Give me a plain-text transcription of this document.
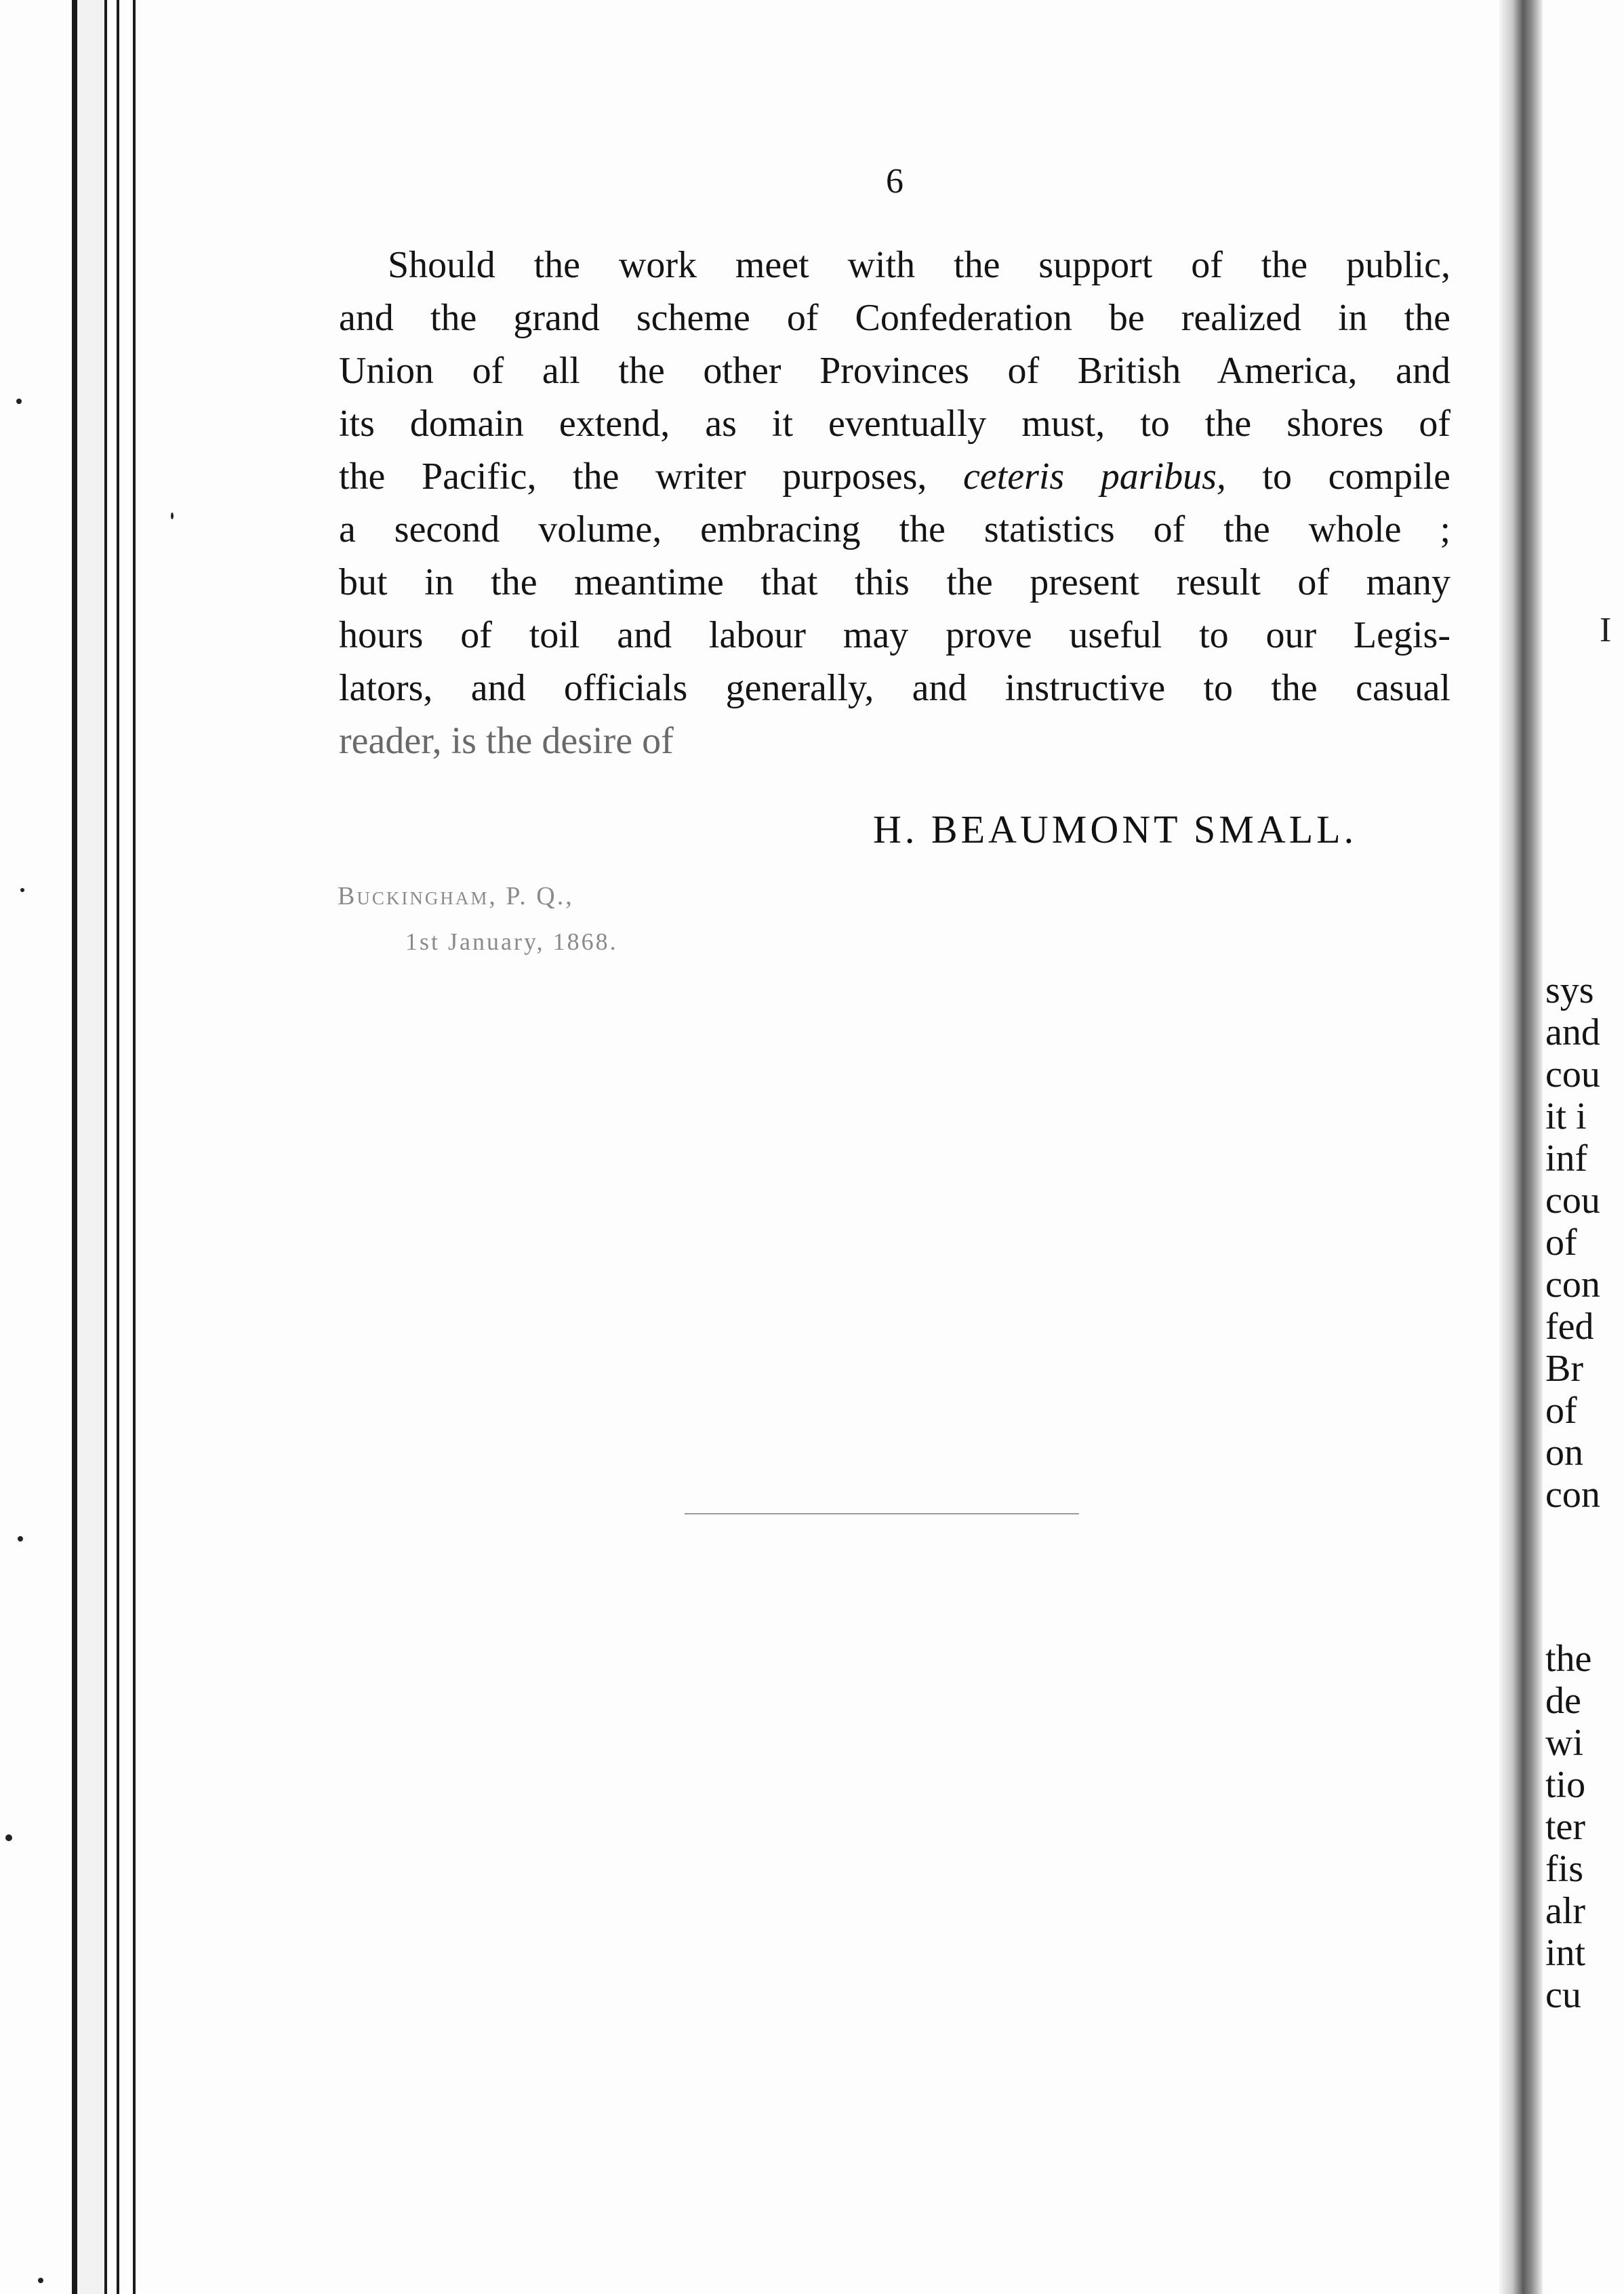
6
Should the work meet with the support of the public,
and the grand scheme of Confederation be realized in the
Union of all the other Provinces of British America, and
its domain extend, as it eventually must, to the shores of
the Pacific, the writer purposes, ceteris paribus, to compile
a second volume, embracing the statistics of the whole ;
but in the meantime that this the present result of many
hours of toil and labour may prove useful to our Legis-
lators, and officials generally, and instructive to the casual
reader, is the desire of
H. BEAUMONT SMALL.
Buckingham, P. Q.,
1st January, 1868.
I
sys
and
cou
it i
inf
cou
of
con
fed
Br
of
on
con
the
de
wi
tio
ter
fis
alr
int
cu
